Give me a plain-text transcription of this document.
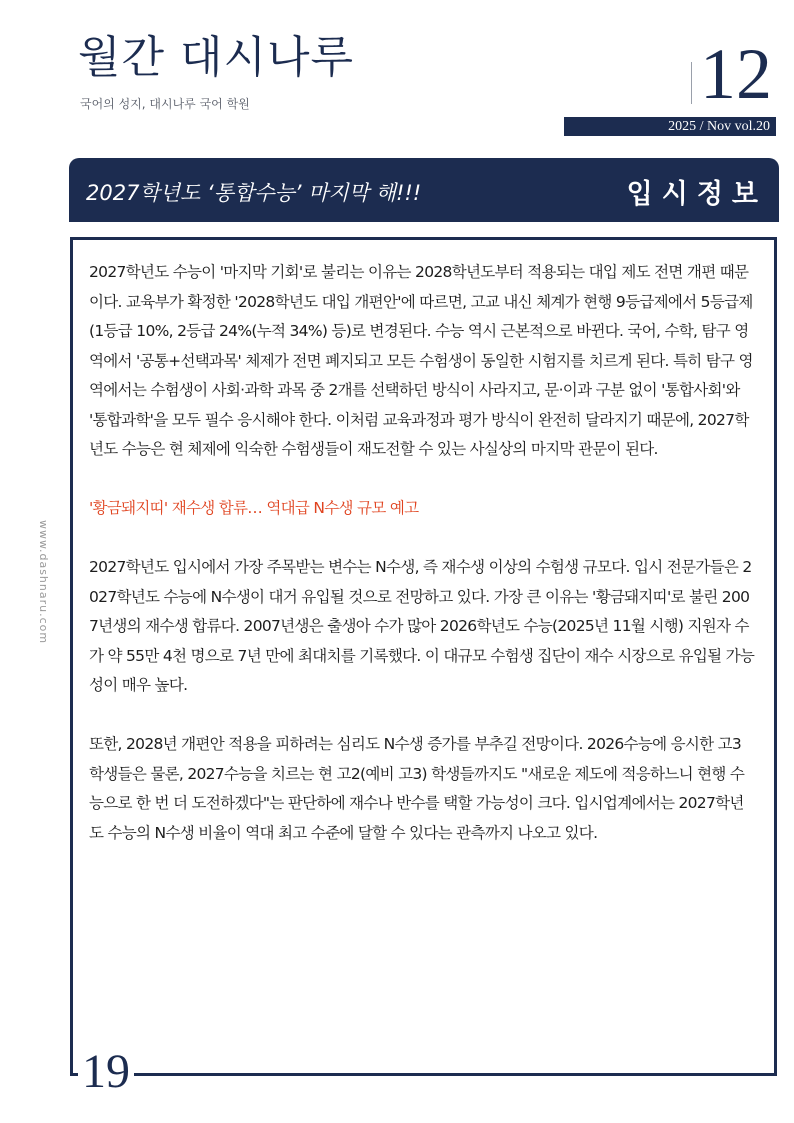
월간 대시나루
국어의 성지, 대시나루 국어 학원	12
2025 / Nov vol.20
2027학년도 ‘통합수능’ 마지막 해!!!	입시정보
www.dashnaru.com

2027학년도 수능이 '마지막 기회'로 불리는 이유는 2028학년도부터 적용되는 대입 제도 전면 개편 때문이다. 교육부가 확정한 '2028학년도 대입 개편안'에 따르면, 고교 내신 체계가 현행 9등급제에서 5등급제(1등급 10%, 2등급 24%(누적 34%) 등)로 변경된다. 수능 역시 근본적으로 바뀐다. 국어, 수학, 탐구 영역에서 '공통+선택과목' 체제가 전면 폐지되고 모든 수험생이 동일한 시험지를 치르게 된다. 특히 탐구 영역에서는 수험생이 사회·과학 과목 중 2개를 선택하던 방식이 사라지고, 문·이과 구분 없이 '통합사회'와 '통합과학'을 모두 필수 응시해야 한다. 이처럼 교육과정과 평가 방식이 완전히 달라지기 때문에, 2027학년도 수능은 현 체제에 익숙한 수험생들이 재도전할 수 있는 사실상의 마지막 관문이 된다.

'황금돼지띠' 재수생 합류… 역대급 N수생 규모 예고

2027학년도 입시에서 가장 주목받는 변수는 N수생, 즉 재수생 이상의 수험생 규모다. 입시 전문가들은 2027학년도 수능에 N수생이 대거 유입될 것으로 전망하고 있다. 가장 큰 이유는 '황금돼지띠'로 불린 2007년생의 재수생 합류다. 2007년생은 출생아 수가 많아 2026학년도 수능(2025년 11월 시행) 지원자 수가 약 55만 4천 명으로 7년 만에 최대치를 기록했다. 이 대규모 수험생 집단이 재수 시장으로 유입될 가능성이 매우 높다.

또한, 2028년 개편안 적용을 피하려는 심리도 N수생 증가를 부추길 전망이다. 2026수능에 응시한 고3 학생들은 물론, 2027수능을 치르는 현 고2(예비 고3) 학생들까지도 "새로운 제도에 적응하느니 현행 수능으로 한 번 더 도전하겠다"는 판단하에 재수나 반수를 택할 가능성이 크다. 입시업계에서는 2027학년도 수능의 N수생 비율이 역대 최고 수준에 달할 수 있다는 관측까지 나오고 있다.

19
